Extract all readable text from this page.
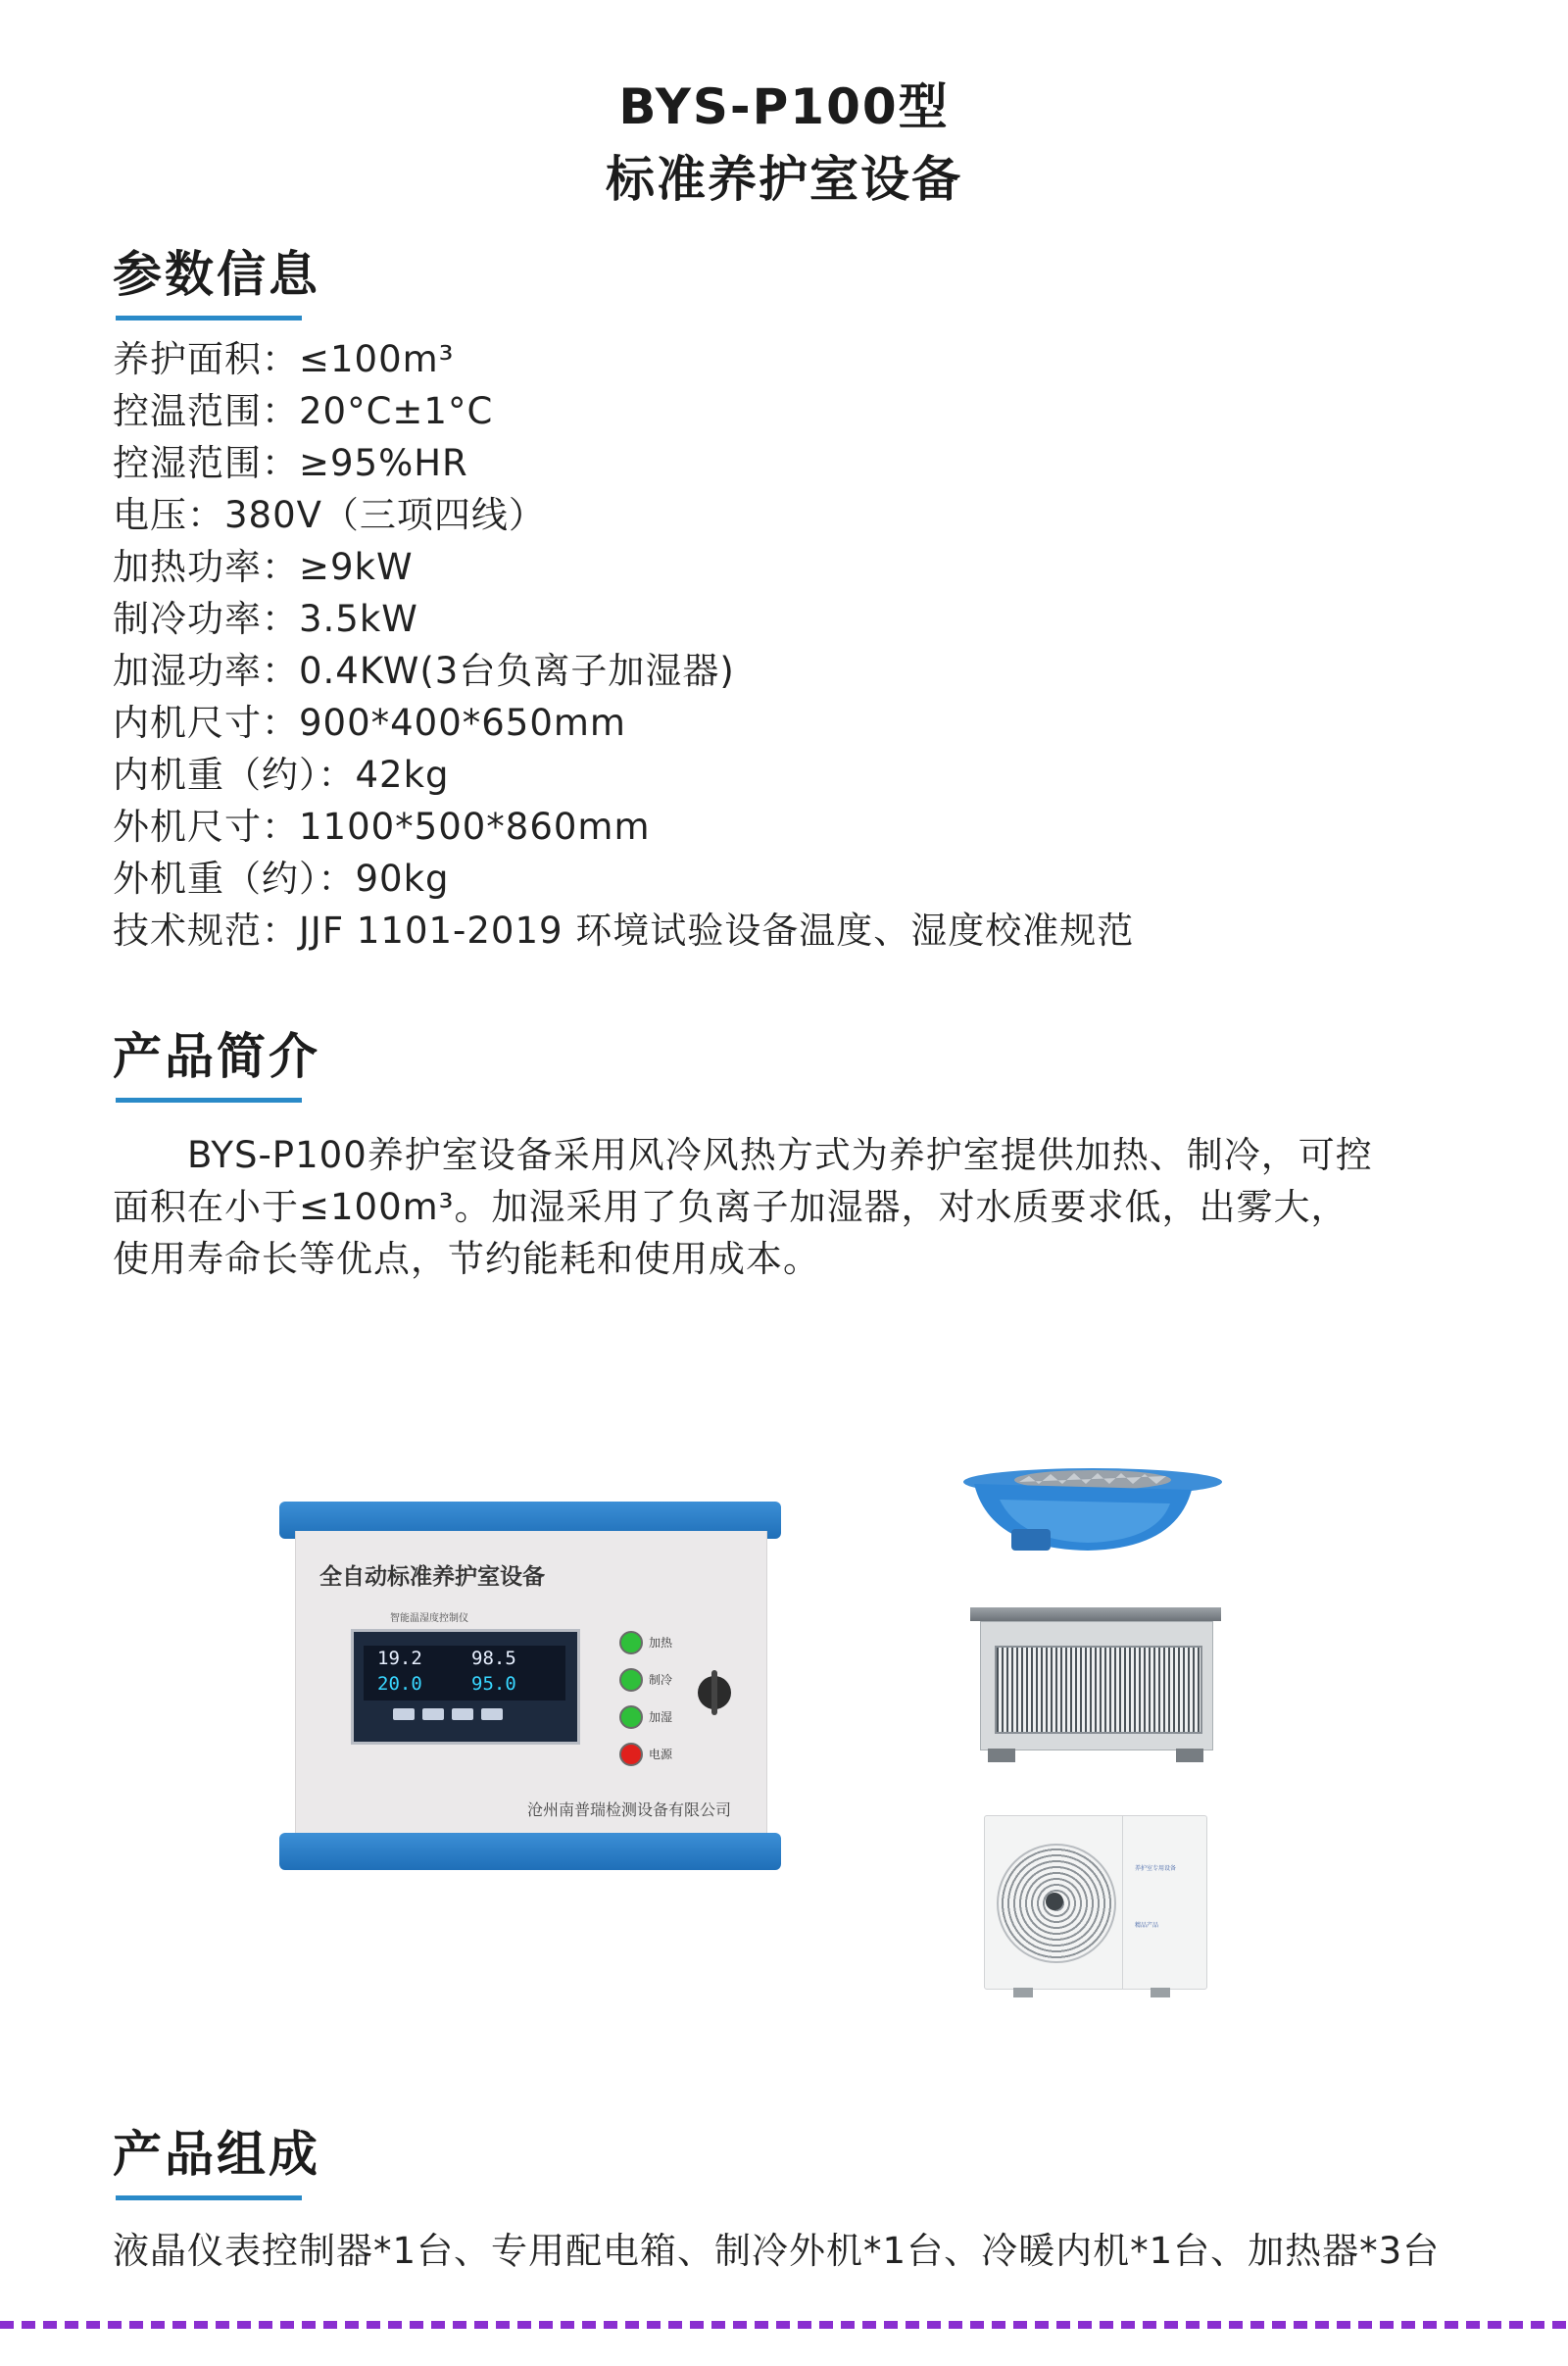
BYS-P100型
标准养护室设备
参数信息
养护面积：≤100m³
控温范围：20°C±1°C
控湿范围：≥95%HR
电压：380V（三项四线）
加热功率：≥9kW
制冷功率：3.5kW
加湿功率：0.4KW(3台负离子加湿器)
内机尺寸：900*400*650mm
内机重（约）：42kg
外机尺寸：1100*500*860mm
外机重（约）：90kg
技术规范：JJF 1101-2019 环境试验设备温度、湿度校准规范
产品简介
　　BYS-P100养护室设备采用风冷风热方式为养护室提供加热、制冷，可控
面积在小于≤100m³。加湿采用了负离子加湿器，对水质要求低，出雾大，
使用寿命长等优点，节约能耗和使用成本。
全自动标准养护室设备
智能温湿度控制仪
19.2	98.5
20.0	95.0
加热
制冷
加湿
电源
沧州南普瑞检测设备有限公司
养护室专用设备
精品产品
产品组成
液晶仪表控制器*1台、专用配电箱、制冷外机*1台、冷暖内机*1台、加热器*3台
